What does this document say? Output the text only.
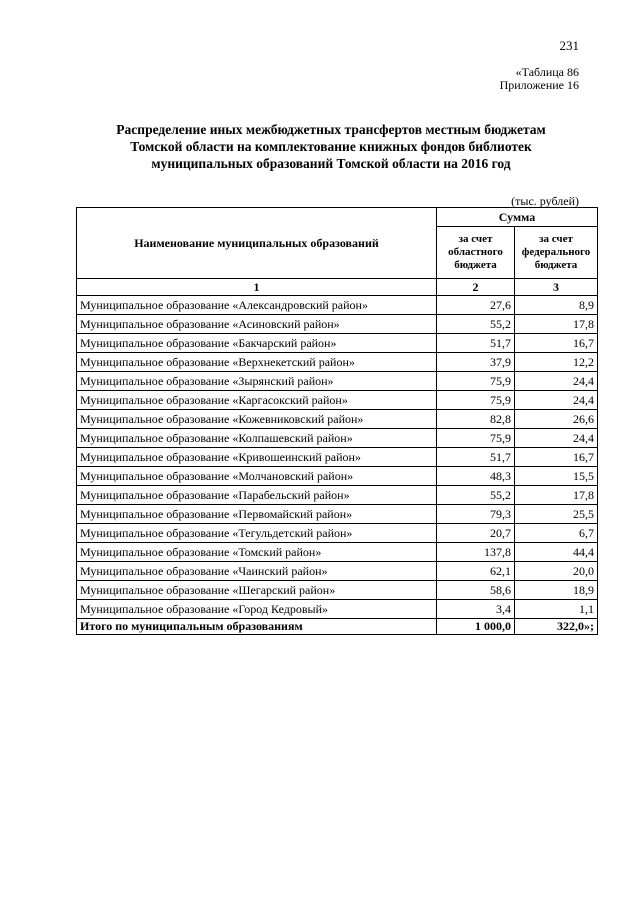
231
«Таблица 86
Приложение 16
Распределение иных межбюджетных трансфертов местным бюджетам
Томской области на комплектование книжных фондов библиотек
муниципальных образований Томской области на 2016 год
(тыс. рублей)
Наименование муниципальных образований	Сумма	
	за счет областного бюджета	за счет федерального бюджета
1	2	3
Муниципальное образование «Александровский район»	27,6	8,9
Муниципальное образование «Асиновский район»	55,2	17,8
Муниципальное образование «Бакчарский район»	51,7	16,7
Муниципальное образование «Верхнекетский район»	37,9	12,2
Муниципальное образование «Зырянский район»	75,9	24,4
Муниципальное образование «Каргасокский район»	75,9	24,4
Муниципальное образование «Кожевниковский район»	82,8	26,6
Муниципальное образование «Колпашевский район»	75,9	24,4
Муниципальное образование «Кривошеинский район»	51,7	16,7
Муниципальное образование «Молчановский район»	48,3	15,5
Муниципальное образование «Парабельский район»	55,2	17,8
Муниципальное образование «Первомайский район»	79,3	25,5
Муниципальное образование «Тегульдетский район»	20,7	6,7
Муниципальное образование «Томский район»	137,8	44,4
Муниципальное образование «Чаинский район»	62,1	20,0
Муниципальное образование «Шегарский район»	58,6	18,9
Муниципальное образование «Город Кедровый»	3,4	1,1
Итого по муниципальным образованиям	1 000,0	322,0»;
